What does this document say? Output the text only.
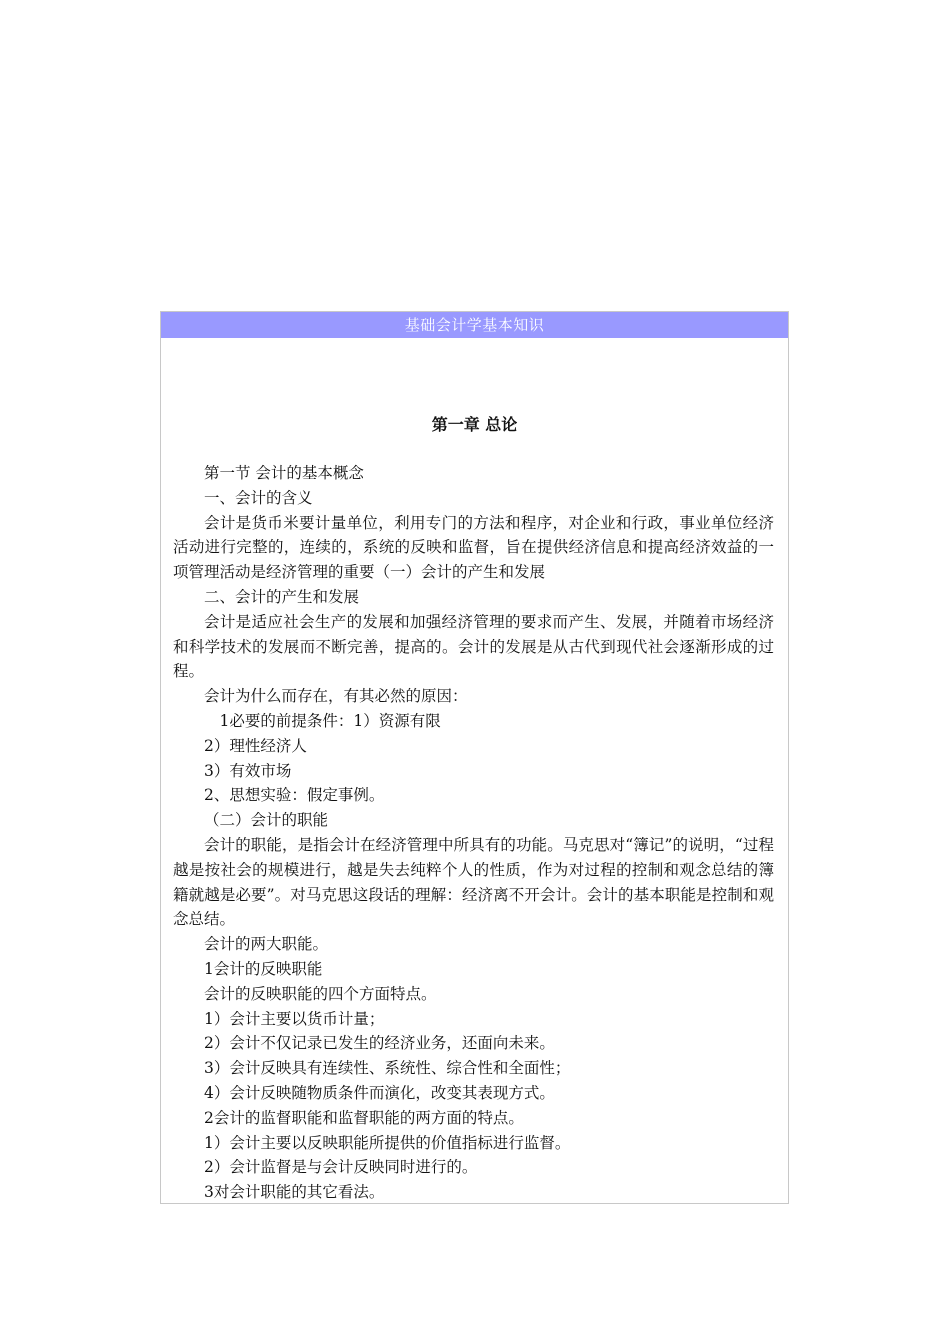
基础会计学基本知识
第一章 总论

第一节 会计的基本概念

一、会计的含义

会计是货币米要计量单位，利用专门的方法和程序，对企业和行政，事业单位经济活动进行完整的，连续的，系统的反映和监督，旨在提供经济信息和提高经济效益的一项管理活动是经济管理的重要（一）会计的产生和发展

二、会计的产生和发展

会计是适应社会生产的发展和加强经济管理的要求而产生、发展，并随着市场经济和科学技术的发展而不断完善，提高的。会计的发展是从古代到现代社会逐渐形成的过程。

会计为什么而存在，有其必然的原因：

1必要的前提条件：1）资源有限

2）理性经济人

3）有效市场

2、思想实验：假定事例。

（二）会计的职能

会计的职能，是指会计在经济管理中所具有的功能。马克思对“簿记”的说明，“过程越是按社会的规模进行，越是失去纯粹个人的性质，作为对过程的控制和观念总结的簿籍就越是必要”。对马克思这段话的理解：经济离不开会计。会计的基本职能是控制和观念总结。

会计的两大职能。

1会计的反映职能

会计的反映职能的四个方面特点。

1）会计主要以货币计量；

2）会计不仅记录已发生的经济业务，还面向未来。

3）会计反映具有连续性、系统性、综合性和全面性；

4）会计反映随物质条件而演化，改变其表现方式。

2会计的监督职能和监督职能的两方面的特点。

1）会计主要以反映职能所提供的价值指标进行监督。

2）会计监督是与会计反映同时进行的。

3对会计职能的其它看法。
